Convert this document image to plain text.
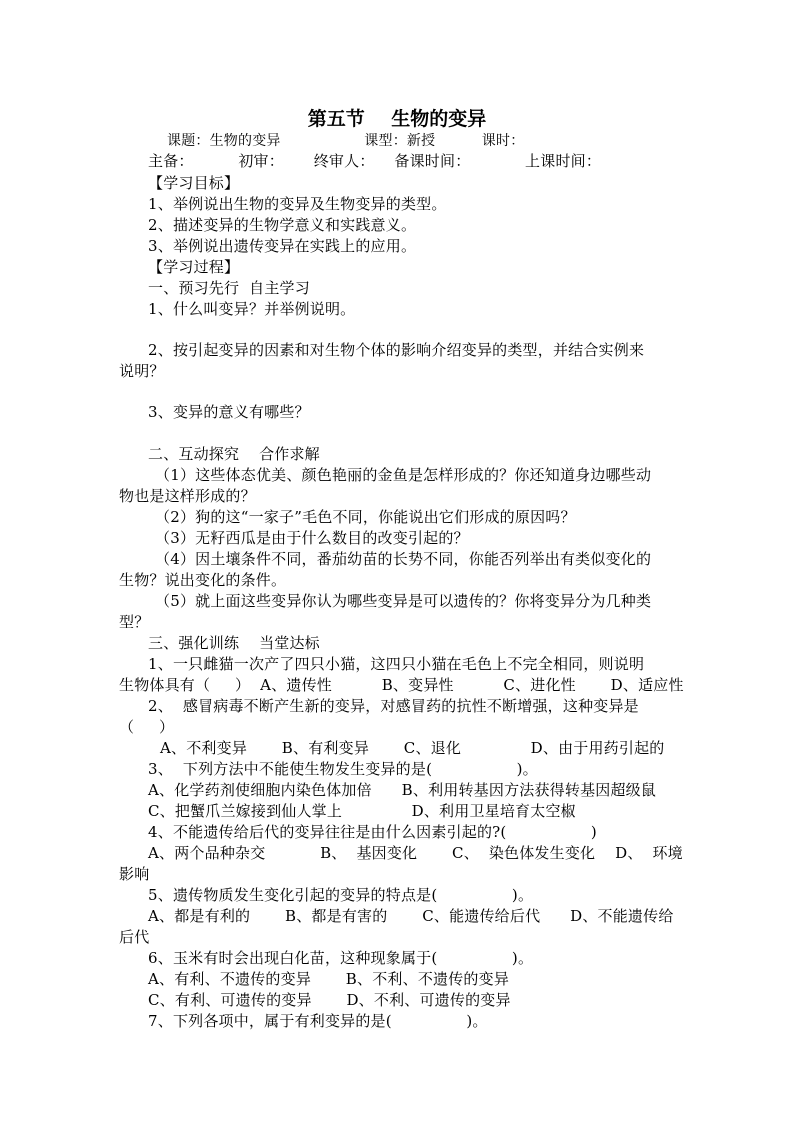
第五节    生物的变异
课题：生物的变异                  课型：新授          课时：
主备：         初审：      终审人：    备课时间：           上课时间：
【学习目标】
1、举例说出生物的变异及生物变异的类型。
2、描述变异的生物学意义和实践意义。
3、举例说出遗传变异在实践上的应用。
【学习过程】
一、预习先行  自主学习
1、什么叫变异？并举例说明。
2、按引起变异的因素和对生物个体的影响介绍变异的类型，并结合实例来
说明？
3、变异的意义有哪些？
二、互动探究    合作求解
（1）这些体态优美、颜色艳丽的金鱼是怎样形成的？你还知道身边哪些动
物也是这样形成的？
（2）狗的这“一家子”毛色不同，你能说出它们形成的原因吗？
（3）无籽西瓜是由于什么数目的改变引起的？
（4）因土壤条件不同，番茄幼苗的长势不同，你能否列举出有类似变化的
生物？说出变化的条件。
（5）就上面这些变异你认为哪些变异是可以遗传的？你将变异分为几种类
型？
三、强化训练    当堂达标
1、一只雌猫一次产了四只小猫，这四只小猫在毛色上不完全相同，则说明
生物体具有（     ）  A、遗传性          B、变异性          C、进化性       D、适应性
2、  感冒病毒不断产生新的变异，对感冒药的抗性不断增强，这种变异是
（     ）
A、不利变异       B、有利变异       C、退化              D、由于用药引起的
3、  下列方法中不能使生物发生变异的是(                 )。
A、化学药剂使细胞内染色体加倍      B、利用转基因方法获得转基因超级鼠
C、把蟹爪兰嫁接到仙人掌上              D、利用卫星培育太空椒
4、不能遗传给后代的变异往往是由什么因素引起的?(                 )
A、两个品种杂交           B、  基因变化       C、  染色体发生变化    D、  环境
影响
5、遗传物质发生变化引起的变异的特点是(               )。
A、都是有利的       B、都是有害的       C、能遗传给后代      D、不能遗传给
后代
6、玉米有时会出现白化苗，这种现象属于(               )。
A、有利、不遗传的变异       B、不利、不遗传的变异
C、有利、可遗传的变异       D、不利、可遗传的变异
7、下列各项中，属于有利变异的是(               )。
